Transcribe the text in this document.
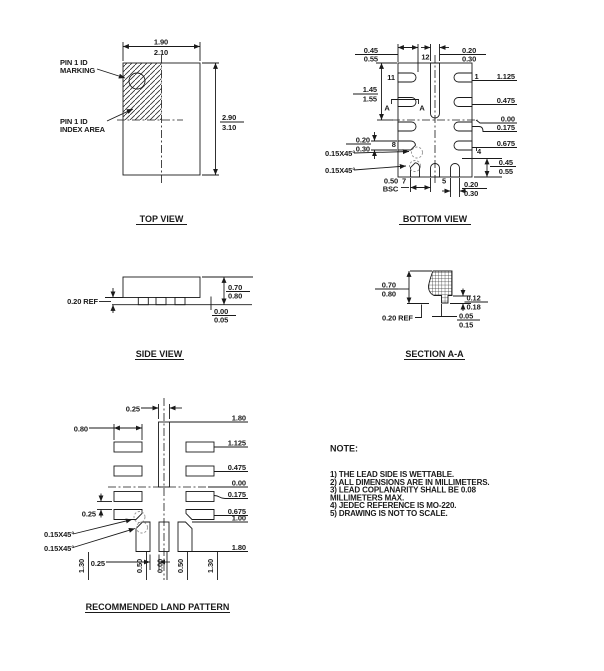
1.90
2.10
2.90
3.10
PIN 1 ID
MARKING
PIN 1 ID
INDEX AREA
TOP VIEW
0.45
0.55
0.20
0.30
1.45
1.55
A	A
0.20
0.30
0.15X45°
0.15X45°
0.50
BSC	0.20
0.30
11
12
1
4
7	5
8
1.125
0.475
0.00
0.175
0.675
0.45
0.55
BOTTOM VIEW
0.20 REF
0.70
0.80
0.00
0.05
SIDE VIEW
0.70
0.80
0.20 REF
0.12
0.18
0.05
0.15
SECTION A-A
0.25
0.80
0.25
0.15X45°
0.15X45°
0.25
1.80
1.125
0.475
0.00
0.175
0.675
1.00
1.80
1.30	0.50 0.00 0.50	1.30
RECOMMENDED LAND PATTERN
NOTE:
1) THE LEAD SIDE IS WETTABLE.
2) ALL DIMENSIONS ARE IN MILLIMETERS.
3) LEAD COPLANARITY SHALL BE 0.08
MILLIMETERS MAX.
4) JEDEC REFERENCE IS MO-220.
5) DRAWING IS NOT TO SCALE.
